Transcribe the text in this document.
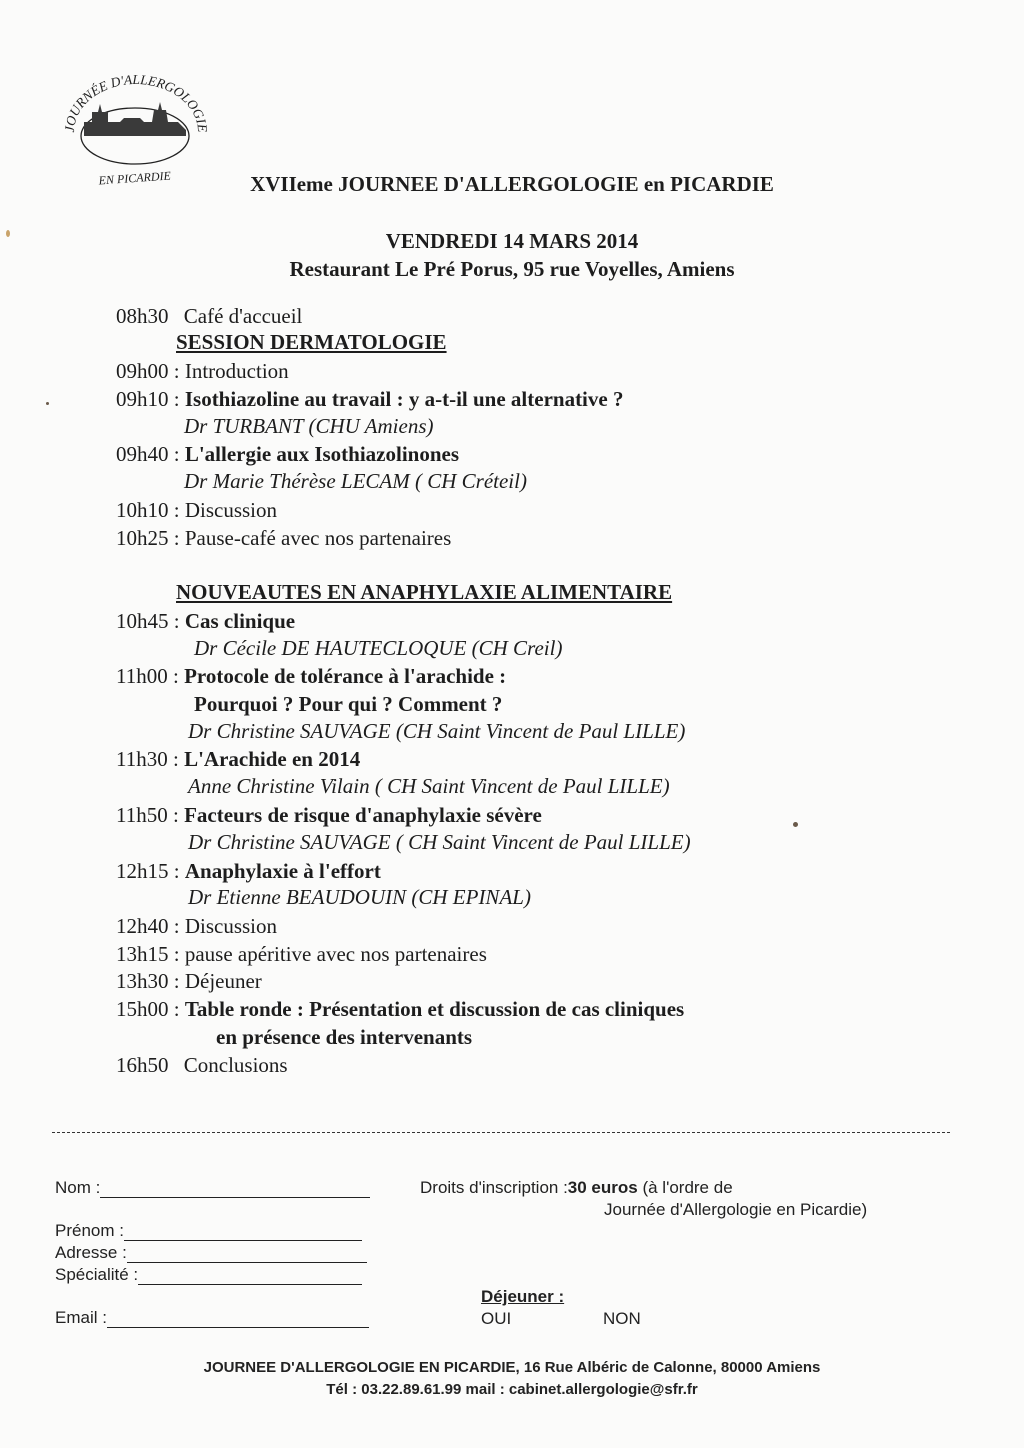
JOURNÉE D'ALLERGOLOGIE
EN PICARDIE	XVIIeme JOURNEE D'ALLERGOLOGIE en PICARDIE
VENDREDI 14 MARS 2014
Restaurant Le Pré Porus, 95 rue Voyelles, Amiens
08h30 Café d'accueil
SESSION DERMATOLOGIE
09h00 : Introduction
09h10 : Isothiazoline au travail : y a-t-il une alternative ?
Dr TURBANT (CHU Amiens)
09h40 : L'allergie aux Isothiazolinones
Dr Marie Thérèse LECAM ( CH Créteil)
10h10 : Discussion
10h25 : Pause-café avec nos partenaires
NOUVEAUTES EN ANAPHYLAXIE ALIMENTAIRE
10h45 : Cas clinique
Dr Cécile DE HAUTECLOQUE (CH Creil)
11h00 : Protocole de tolérance à l'arachide :
Pourquoi ? Pour qui ? Comment ?
Dr Christine SAUVAGE (CH Saint Vincent de Paul LILLE)
11h30 : L'Arachide en 2014
Anne Christine Vilain ( CH Saint Vincent de Paul LILLE)
11h50 : Facteurs de risque d'anaphylaxie sévère
Dr Christine SAUVAGE ( CH Saint Vincent de Paul LILLE)
12h15 : Anaphylaxie à l'effort
Dr Etienne BEAUDOUIN (CH EPINAL)
12h40 : Discussion
13h15 : pause apéritive avec nos partenaires
13h30 : Déjeuner
15h00 : Table ronde : Présentation et discussion de cas cliniques
en présence des intervenants
16h50 Conclusions
Nom :
Prénom :
Adresse :
Spécialité :
Email :
Droits d'inscription :30 euros (à l'ordre de
Journée d'Allergologie en Picardie)
Déjeuner :
OUI	NON
JOURNEE D'ALLERGOLOGIE EN PICARDIE, 16 Rue Albéric de Calonne, 80000 Amiens
Tél : 03.22.89.61.99 mail : cabinet.allergologie@sfr.fr
